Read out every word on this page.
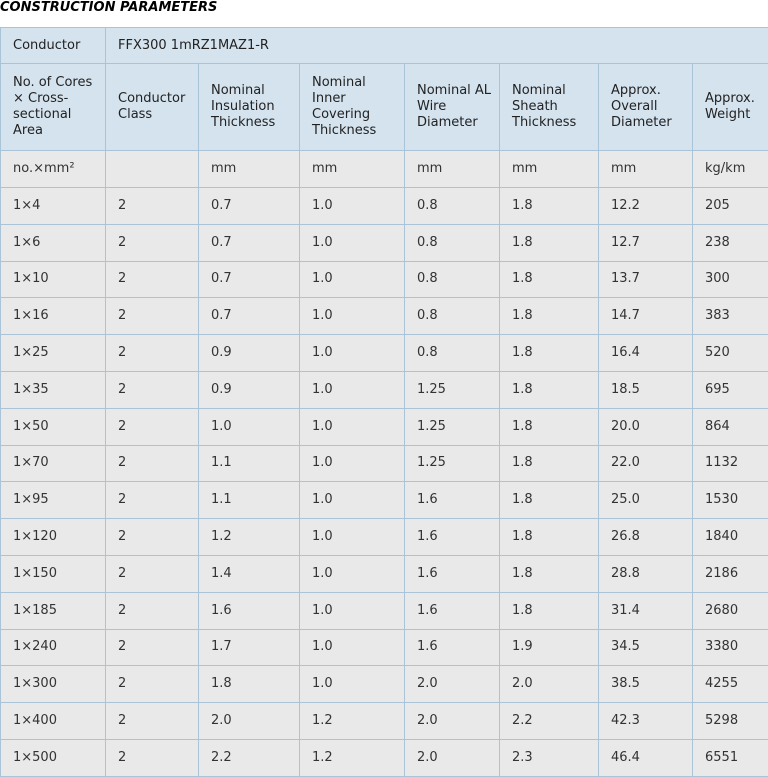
CONSTRUCTION PARAMETERS
Conductor	FFX300 1mRZ1MAZ1-R						
No. of Cores × Cross-sectional Area	Conductor Class	Nominal Insulation Thickness	Nominal Inner Covering Thickness	Nominal AL Wire Diameter	Nominal Sheath Thickness	Approx. Overall Diameter	Approx. Weight
no.×mm²		mm	mm	mm	mm	mm	kg/km
1×4	2	0.7	1.0	0.8	1.8	12.2	205
1×6	2	0.7	1.0	0.8	1.8	12.7	238
1×10	2	0.7	1.0	0.8	1.8	13.7	300
1×16	2	0.7	1.0	0.8	1.8	14.7	383
1×25	2	0.9	1.0	0.8	1.8	16.4	520
1×35	2	0.9	1.0	1.25	1.8	18.5	695
1×50	2	1.0	1.0	1.25	1.8	20.0	864
1×70	2	1.1	1.0	1.25	1.8	22.0	1132
1×95	2	1.1	1.0	1.6	1.8	25.0	1530
1×120	2	1.2	1.0	1.6	1.8	26.8	1840
1×150	2	1.4	1.0	1.6	1.8	28.8	2186
1×185	2	1.6	1.0	1.6	1.8	31.4	2680
1×240	2	1.7	1.0	1.6	1.9	34.5	3380
1×300	2	1.8	1.0	2.0	2.0	38.5	4255
1×400	2	2.0	1.2	2.0	2.2	42.3	5298
1×500	2	2.2	1.2	2.0	2.3	46.4	6551
